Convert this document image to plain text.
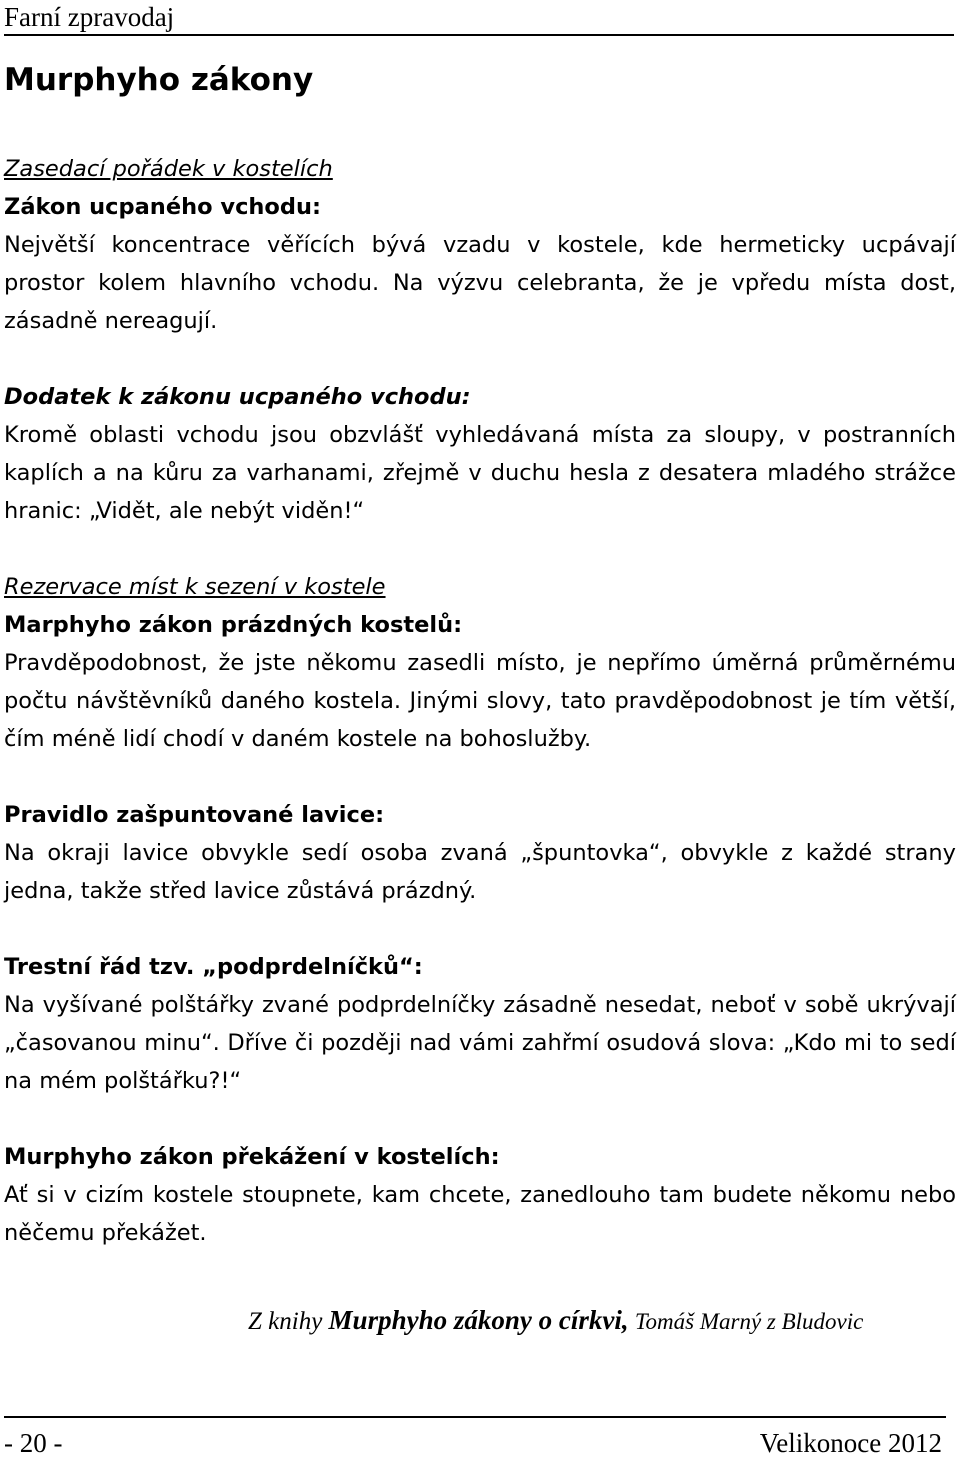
Farní zpravodaj
Murphyho zákony

Zasedací pořádek v kostelích

Zákon ucpaného vchodu:

Největší koncentrace věřících bývá vzadu v kostele, kde hermeticky ucpávají prostor kolem hlavního vchodu. Na výzvu celebranta, že je vpředu místa dost, zásadně nereagují.

Dodatek k zákonu ucpaného vchodu:

Kromě oblasti vchodu jsou obzvlášť vyhledávaná místa za sloupy, v postranních kaplích a na kůru za varhanami, zřejmě v duchu hesla z desatera mladého strážce hranic: „Vidět, ale nebýt viděn!“

Rezervace míst k sezení v kostele

Marphyho zákon prázdných kostelů:

Pravděpodobnost, že jste někomu zasedli místo, je nepřímo úměrná průměrnému počtu návštěvníků daného kostela. Jinými slovy, tato pravděpodobnost je tím větší, čím méně lidí chodí v daném kostele na bohoslužby.

Pravidlo zašpuntované lavice:

Na okraji lavice obvykle sedí osoba zvaná „špuntovka“, obvykle z každé strany jedna, takže střed lavice zůstává prázdný.

Trestní řád tzv. „podprdelníčků“:

Na vyšívané polštářky zvané podprdelníčky zásadně nesedat, neboť v sobě ukrývají „časovanou minu“. Dříve či později nad vámi zahřmí osudová slova: „Kdo mi to sedí na mém polštářku?!“

Murphyho zákon překážení v kostelích:

Ať si v cizím kostele stoupnete, kam chcete, zanedlouho tam budete někomu nebo něčemu překážet.

Z knihy Murphyho zákony o církvi, Tomáš Marný z Bludovic
- 20 -	Velikonoce 2012
